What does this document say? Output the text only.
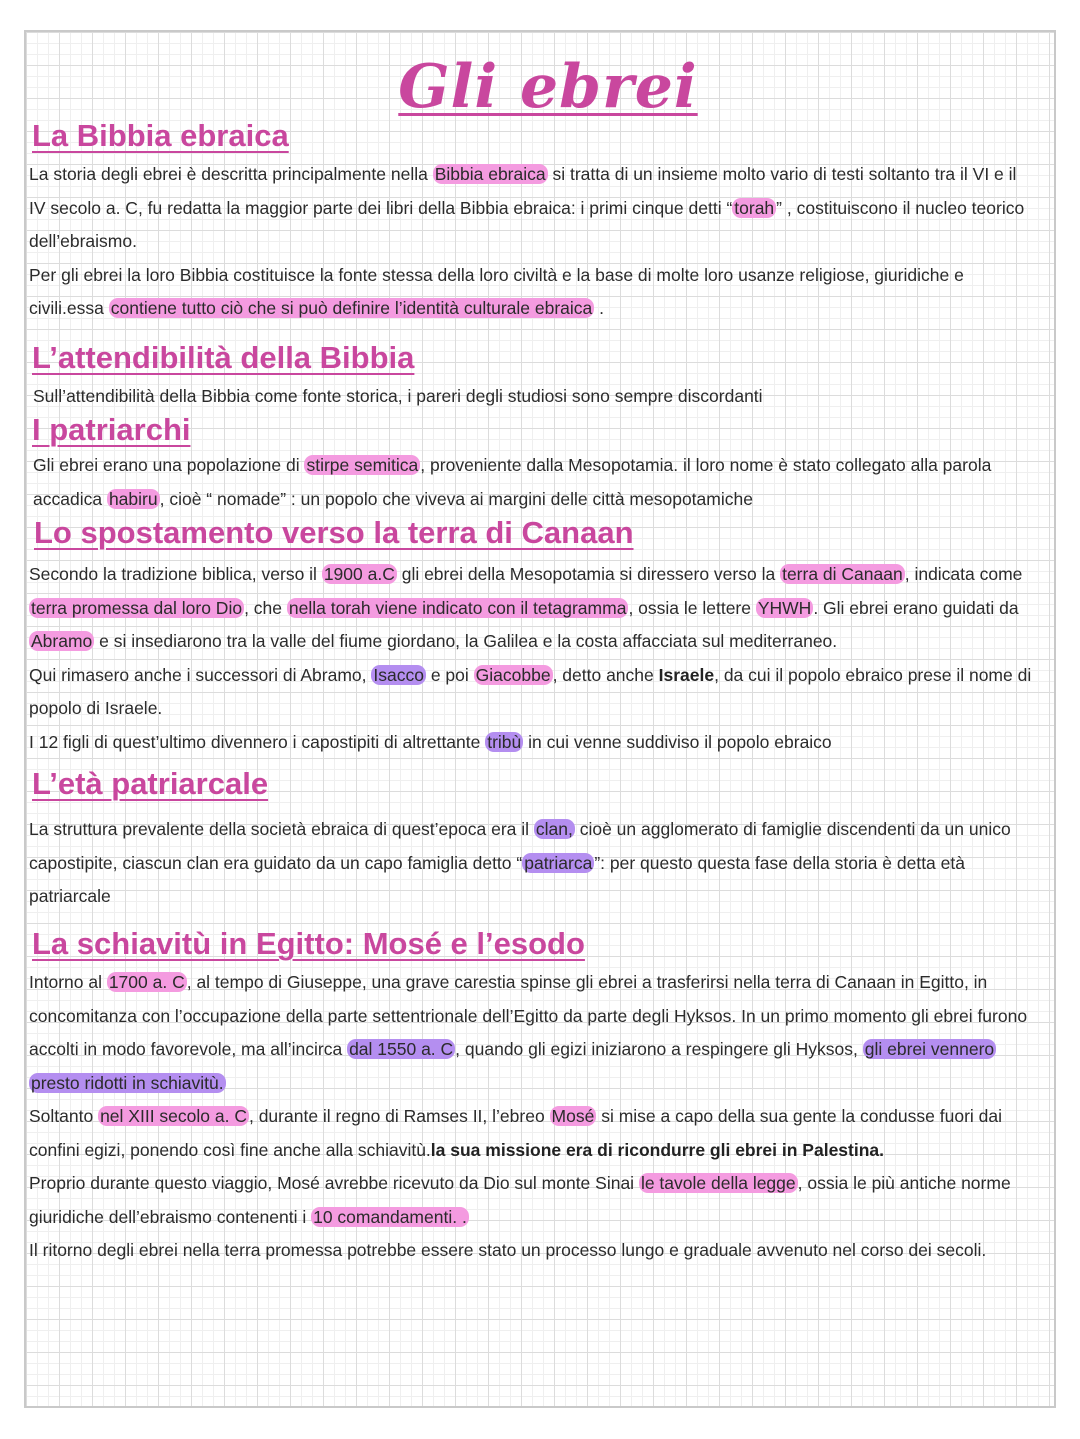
Gli ebrei
La Bibbia ebraica
La storia degli ebrei è descritta principalmente nella Bibbia ebraica si tratta di un insieme molto vario di testi soltanto tra il VI e il
IV secolo a. C, fu redatta la maggior parte dei libri della Bibbia ebraica: i primi cinque detti “ torah ” , costituiscono il nucleo teorico
dell’ebraismo.
Per gli ebrei la loro Bibbia costituisce la fonte stessa della loro civiltà e la base di molte loro usanze religiose, giuridiche e
civili.essa contiene tutto ciò che si può definire l’identità culturale ebraica .
L’attendibilità della Bibbia
Sull’attendibilità della Bibbia come fonte storica, i pareri degli studiosi sono sempre discordanti
I patriarchi
Gli ebrei erano una popolazione di stirpe semitica , proveniente dalla Mesopotamia. il loro nome è stato collegato alla parola
accadica habiru , cioè “ nomade” : un popolo che viveva ai margini delle città mesopotamiche
Lo spostamento verso la terra di Canaan
Secondo la tradizione biblica, verso il 1900 a.C gli ebrei della Mesopotamia si diressero verso la terra di Canaan , indicata come
terra promessa dal loro Dio , che nella torah viene indicato con il tetagramma , ossia le lettere YHWH . Gli ebrei erano guidati da
Abramo e si insediarono tra la valle del fiume giordano, la Galilea e la costa affacciata sul mediterraneo.
Qui rimasero anche i successori di Abramo, Isacco e poi Giacobbe , detto anche Israele, da cui il popolo ebraico prese il nome di
popolo di Israele.
I 12 figli di quest’ultimo divennero i capostipiti di altrettante tribù in cui venne suddiviso il popolo ebraico
L’età patriarcale
La struttura prevalente della società ebraica di quest’epoca era il clan, cioè un agglomerato di famiglie discendenti da un unico
capostipite, ciascun clan era guidato da un capo famiglia detto “ patriarca ”: per questo questa fase della storia è detta età
patriarcale
La schiavitù in Egitto: Mosé e l’esodo
Intorno al 1700 a. C , al tempo di Giuseppe, una grave carestia spinse gli ebrei a trasferirsi nella terra di Canaan in Egitto, in
concomitanza con l’occupazione della parte settentrionale dell’Egitto da parte degli Hyksos. In un primo momento gli ebrei furono
accolti in modo favorevole, ma all’incirca dal 1550 a. C , quando gli egizi iniziarono a respingere gli Hyksos, gli ebrei vennero
presto ridotti in schiavitù.
Soltanto nel XIII secolo a. C , durante il regno di Ramses II, l’ebreo Mosé si mise a capo della sua gente la condusse fuori dai
confini egizi, ponendo così fine anche alla schiavitù.la sua missione era di ricondurre gli ebrei in Palestina.
Proprio durante questo viaggio, Mosé avrebbe ricevuto da Dio sul monte Sinai le tavole della legge , ossia le più antiche norme
giuridiche dell’ebraismo contenenti i 10 comandamenti. .
Il ritorno degli ebrei nella terra promessa potrebbe essere stato un processo lungo e graduale avvenuto nel corso dei secoli.
